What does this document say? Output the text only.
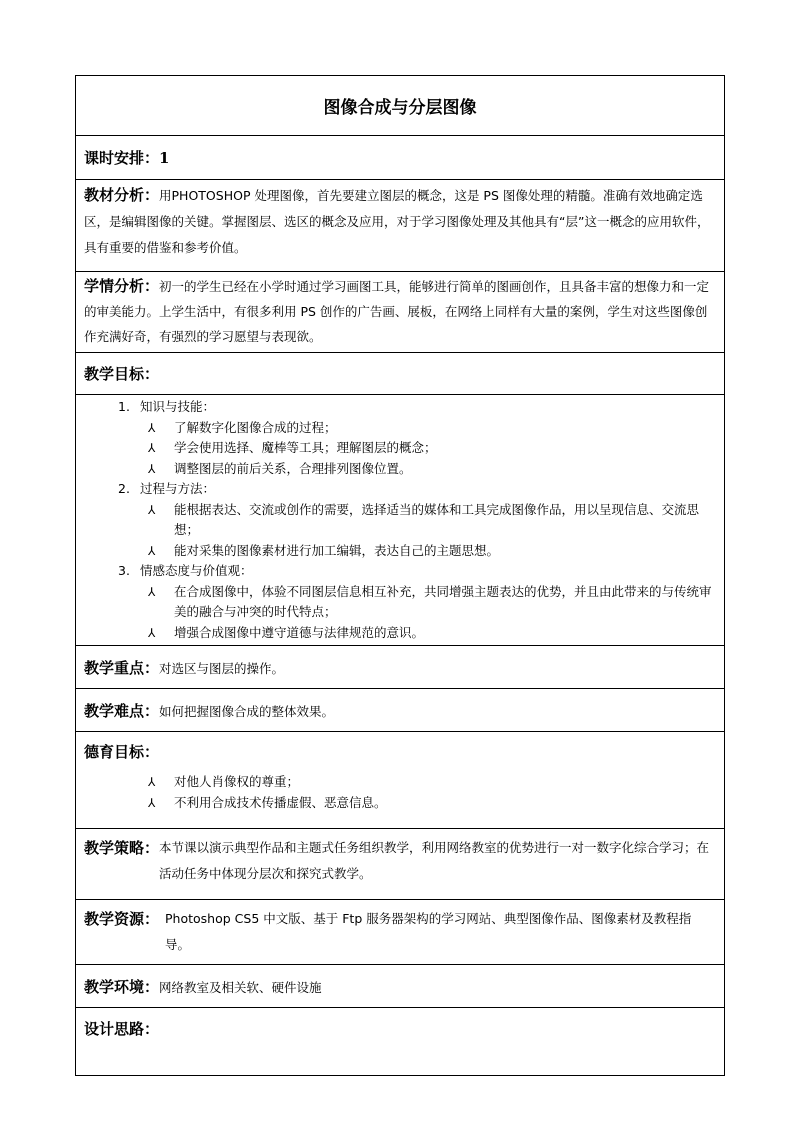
图像合成与分层图像
课时安排：1

教材分析：用PHOTOSHOP 处理图像，首先要建立图层的概念，这是 PS 图像处理的精髓。准确有效地确定选区，是编辑图像的关键。掌握图层、选区的概念及应用，对于学习图像处理及其他具有“层”这一概念的应用软件，具有重要的借鉴和参考价值。

学情分析：初一的学生已经在小学时通过学习画图工具，能够进行简单的图画创作，且具备丰富的想像力和一定的审美能力。上学生活中，有很多利用 PS 创作的广告画、展板，在网络上同样有大量的案例，学生对这些图像创作充满好奇，有强烈的学习愿望与表现欲。

教学目标：

1. 知识与技能：
⅄	了解数字化图像合成的过程；
⅄	学会使用选择、魔棒等工具；理解图层的概念；
⅄	调整图层的前后关系，合理排列图像位置。
2. 过程与方法：
⅄	能根据表达、交流或创作的需要，选择适当的媒体和工具完成图像作品，用以呈现信息、交流思想；
⅄	能对采集的图像素材进行加工编辑，表达自己的主题思想。
3. 情感态度与价值观：
⅄	在合成图像中，体验不同图层信息相互补充，共同增强主题表达的优势，并且由此带来的与传统审美的融合与冲突的时代特点；
⅄	增强合成图像中遵守道德与法律规范的意识。

教学重点：对选区与图层的操作。
教学难点：如何把握图像合成的整体效果。

德育目标：
⅄	对他人肖像权的尊重；
⅄	不利用合成技术传播虚假、恶意信息。

教学策略： 本节课以演示典型作品和主题式任务组织教学，利用网络教室的优势进行一对一数字化综合学习；在活动任务中体现分层次和探究式教学。

教学资源： Photoshop CS5 中文版、基于 Ftp 服务器架构的学习网站、典型图像作品、图像素材及教程指导。

教学环境：网络教室及相关软、硬件设施
设计思路：
